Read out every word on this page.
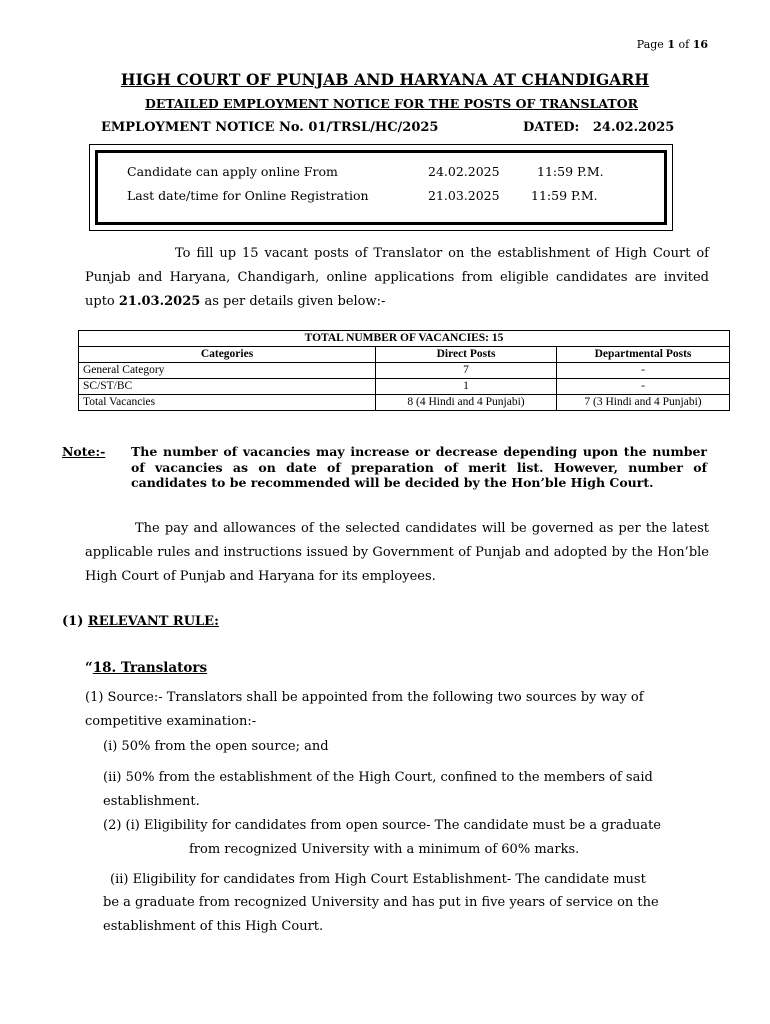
Page 1 of 16
HIGH COURT OF PUNJAB AND HARYANA AT CHANDIGARH
DETAILED EMPLOYMENT NOTICE FOR THE POSTS OF TRANSLATOR
EMPLOYMENT NOTICE No. 01/TRSL/HC/2025	DATED:   24.02.2025
Candidate can apply online From	24.02.2025	11:59 P.M.
Last date/time for Online Registration	21.03.2025	11:59 P.M.
To fill up 15 vacant posts of Translator on the establishment of High Court of Punjab and Haryana, Chandigarh, online applications from eligible candidates are invited upto 21.03.2025 as per details given below:-
TOTAL NUMBER OF VACANCIES: 15		
Categories	Direct Posts	Departmental Posts
General Category	7	-
SC/ST/BC	1	-
Total Vacancies	8 (4 Hindi and 4 Punjabi)	7 (3 Hindi and 4 Punjabi)
Note:- The number of vacancies may increase or decrease depending upon the number of vacancies as on date of preparation of merit list. However, number of candidates to be recommended will be decided by the Hon’ble High Court.
The pay and allowances of the selected candidates will be governed as per the latest applicable rules and instructions issued by Government of Punjab and adopted by the Hon’ble High Court of Punjab and Haryana for its employees.
(1) RELEVANT RULE:
“18. Translators
(1) Source:- Translators shall be appointed from the following two sources by way of
competitive examination:-
(i) 50% from the open source; and
(ii) 50% from the establishment of the High Court, confined to the members of said
establishment.
(2) (i) Eligibility for candidates from open source- The candidate must be a graduate
from recognized University with a minimum of 60% marks.
(ii) Eligibility for candidates from High Court Establishment- The candidate must
be a graduate from recognized University and has put in five years of service on the
establishment of this High Court.
